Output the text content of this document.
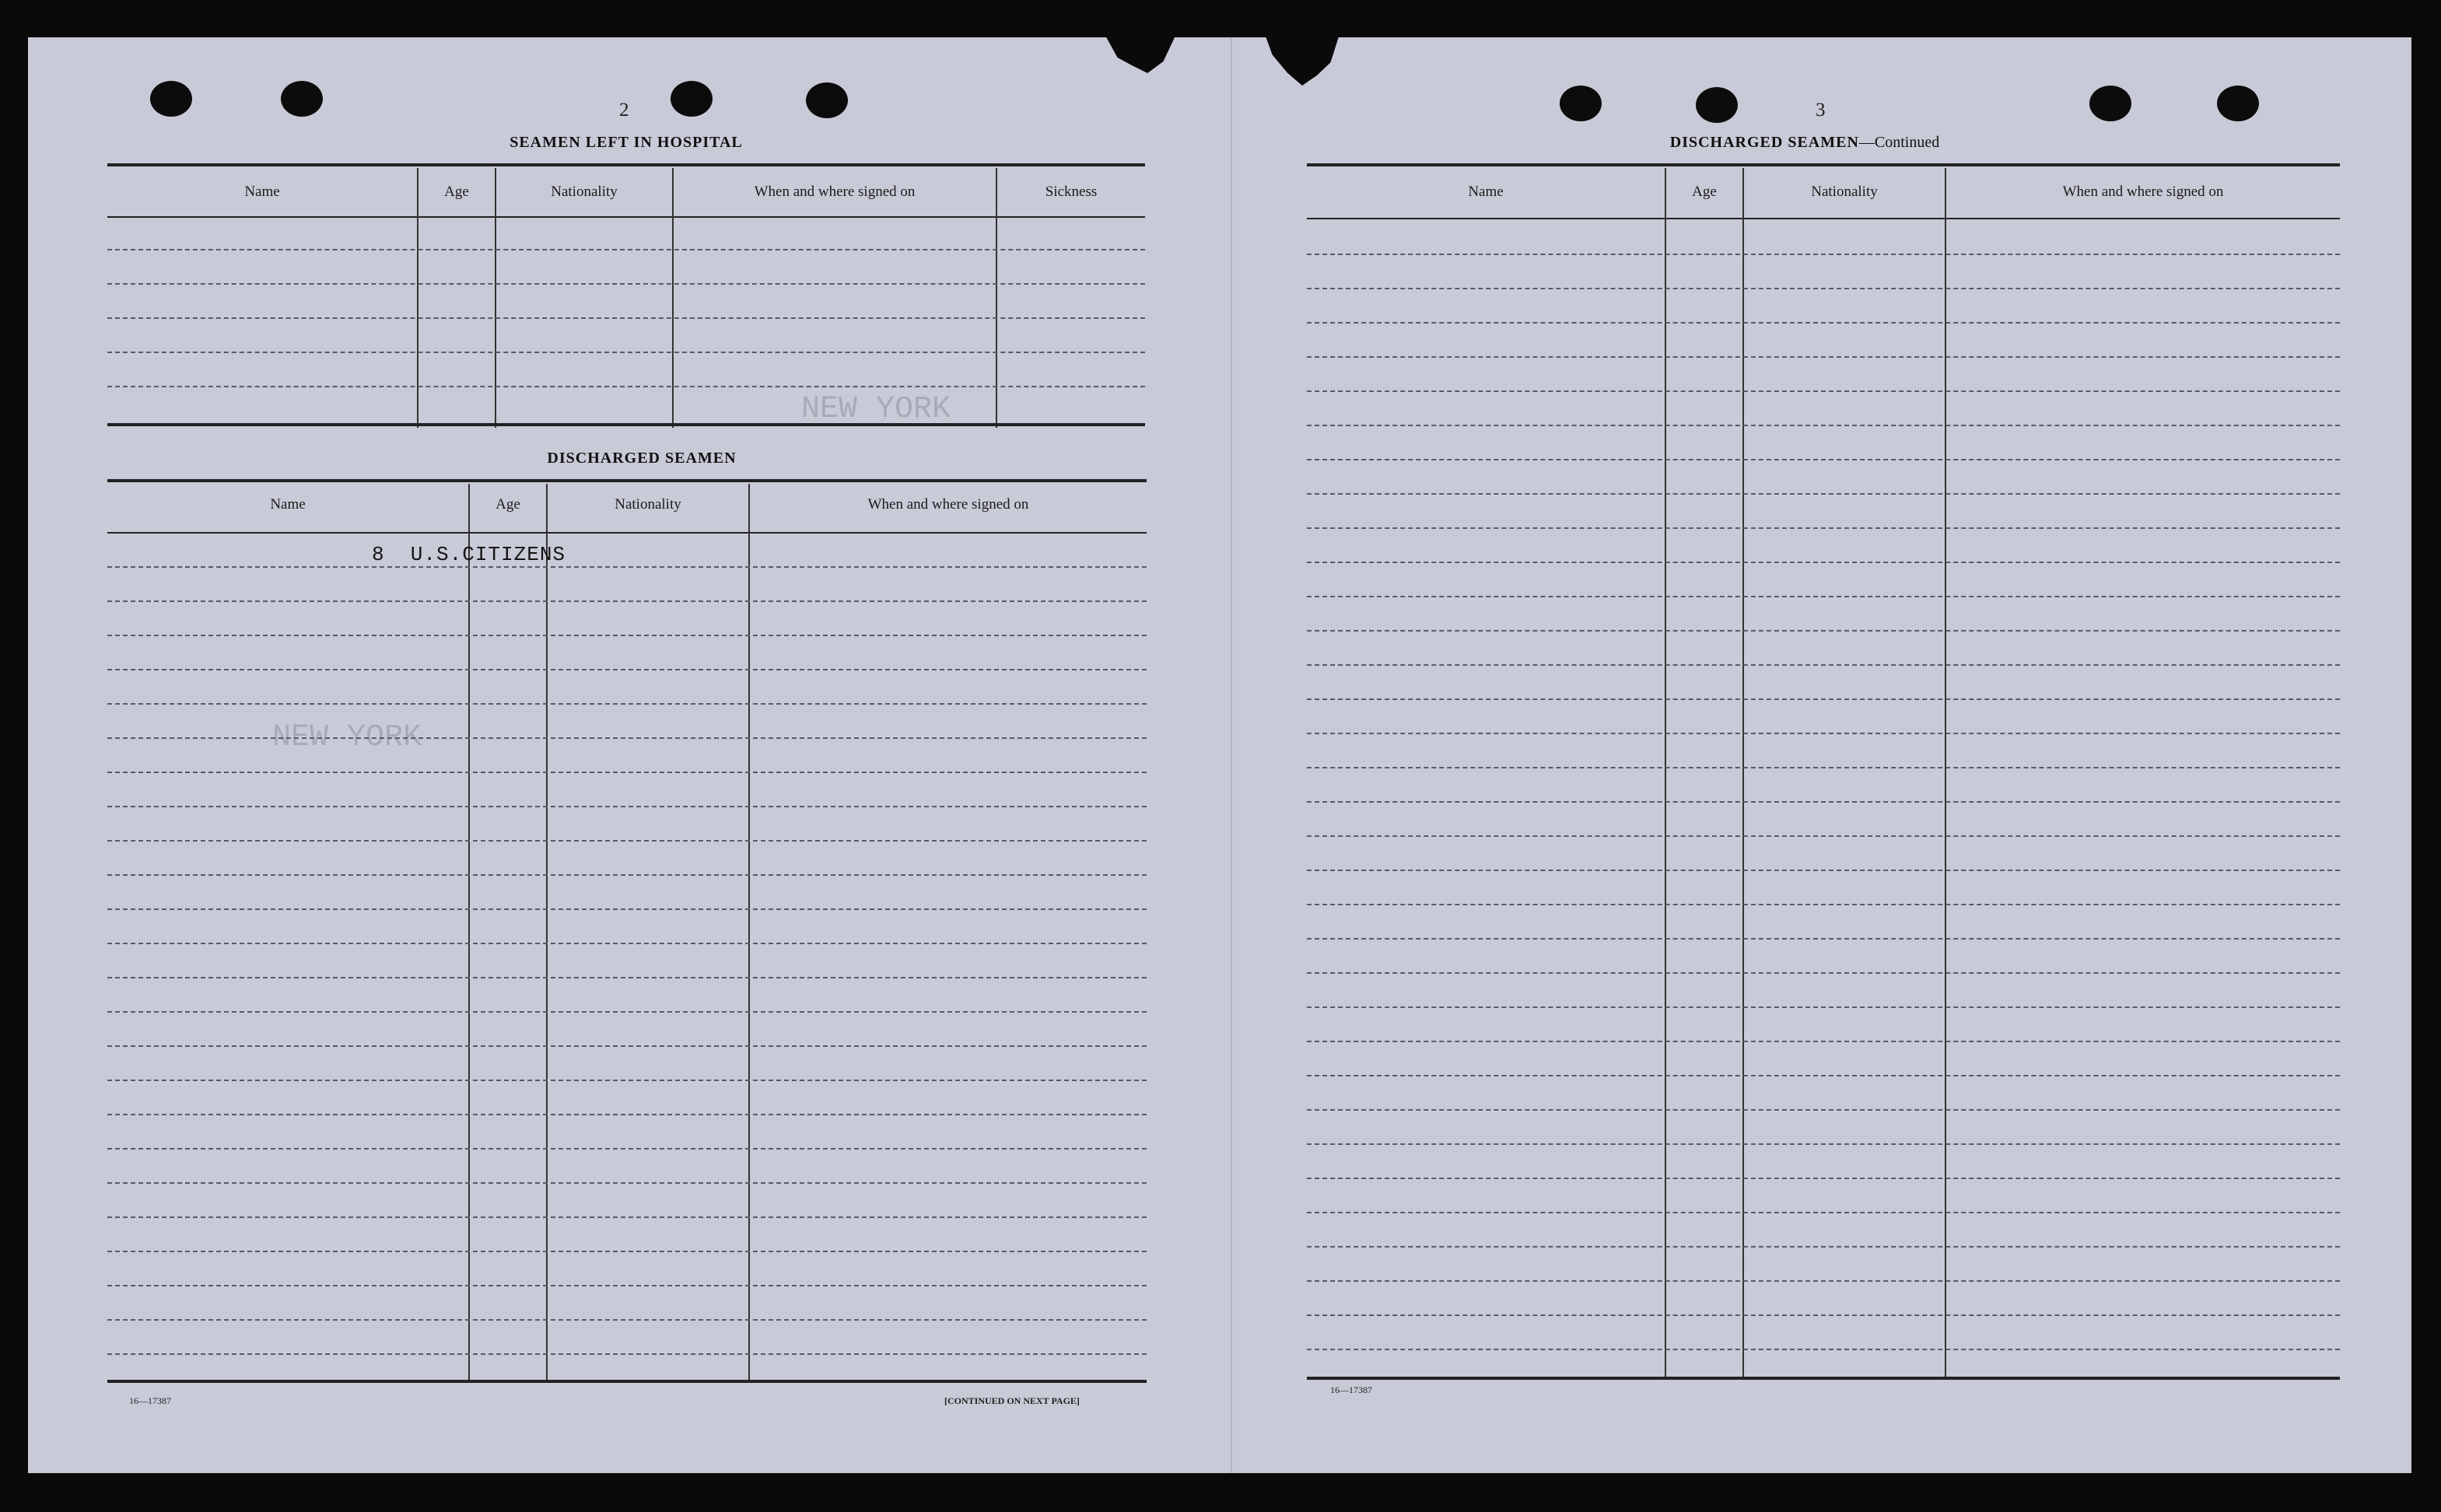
NEW YORK
NEW YORK
2
SEAMEN LEFT IN HOSPITAL
Name	Age	Nationality	When and where signed on	Sickness
DISCHARGED SEAMEN
Name	Age	Nationality	When and where signed on
8  U.S.CITIZENS
16—17387	[CONTINUED ON NEXT PAGE]
3
DISCHARGED SEAMEN—Continued
Name	Age	Nationality	When and where signed on
16—17387
